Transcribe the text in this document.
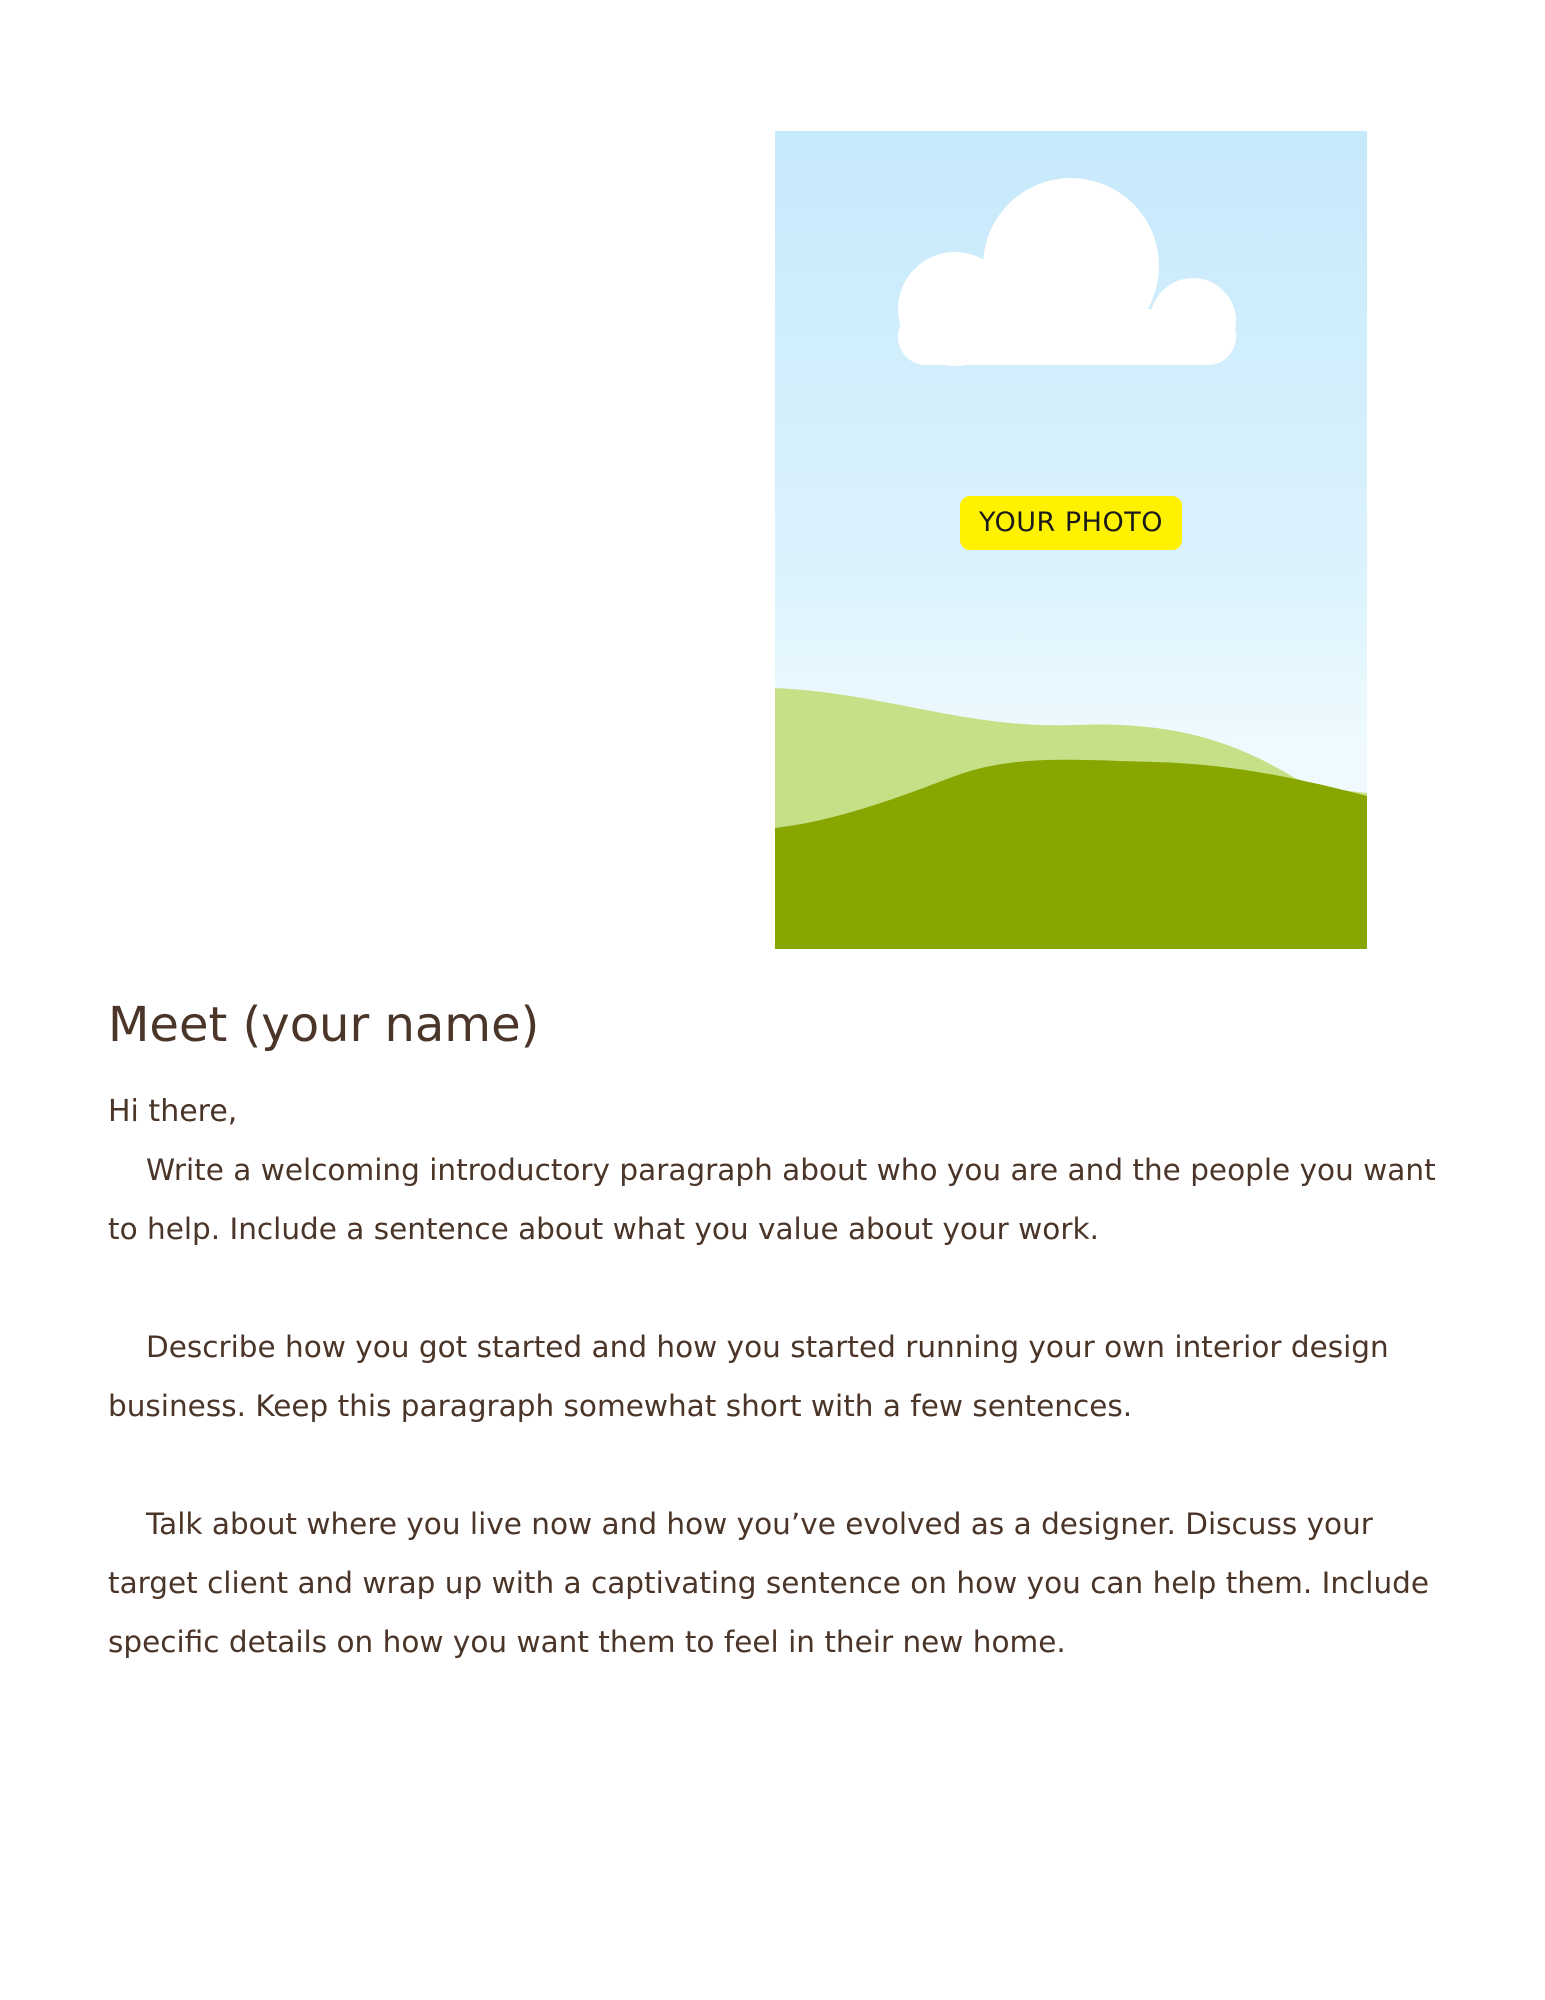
YOUR PHOTO
Meet (your name)

Hi there,

Write a welcoming introductory paragraph about who you are and the people you want to help. Include a sentence about what you value about your work.

Describe how you got started and how you started running your own interior design business. Keep this paragraph somewhat short with a few sentences.

Talk about where you live now and how you’ve evolved as a designer. Discuss your target client and wrap up with a captivating sentence on how you can help them. Include specific details on how you want them to feel in their new home.
